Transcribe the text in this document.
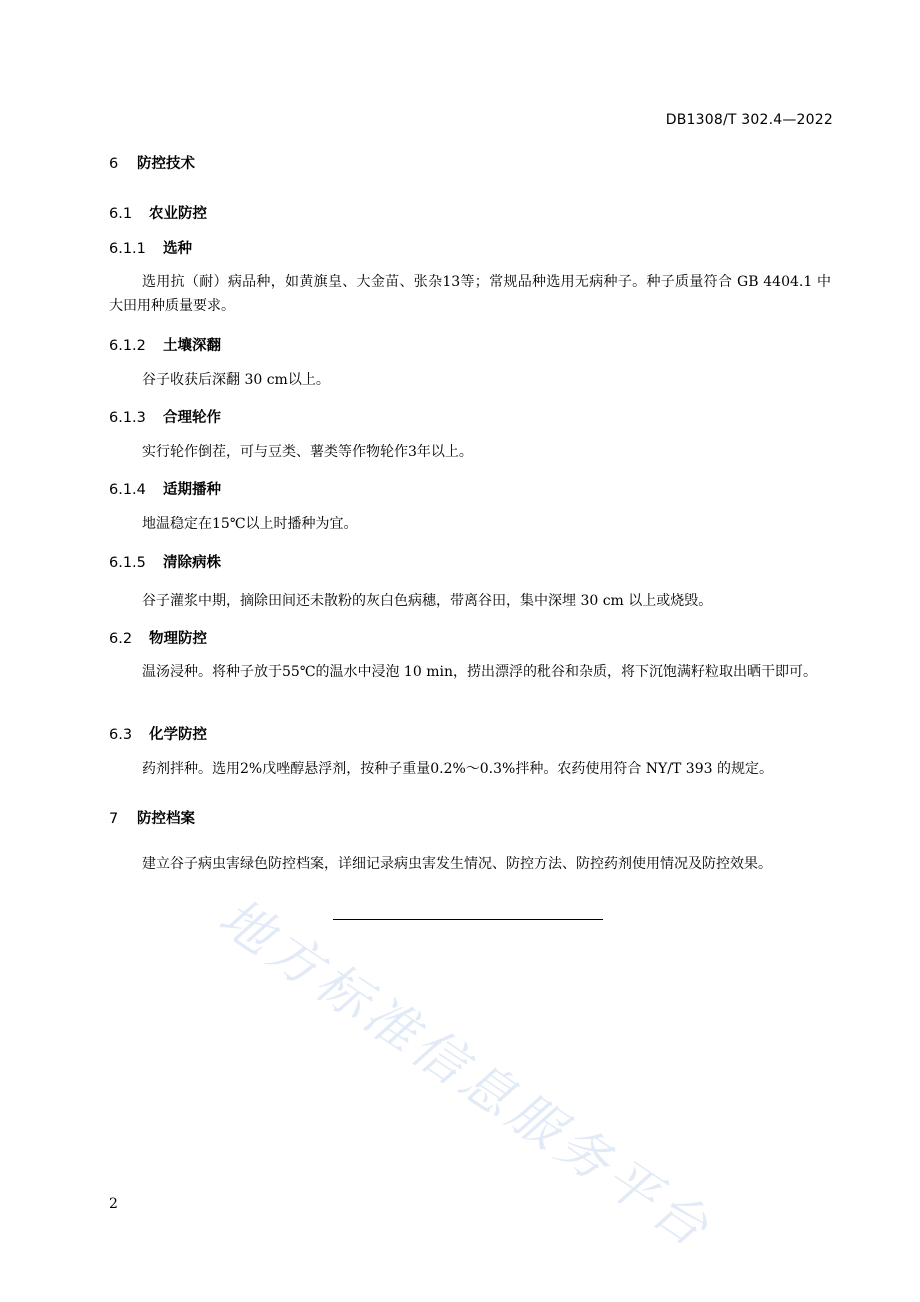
DB1308/T 302.4—2022
6 防控技术
6.1 农业防控
6.1.1 选种
选用抗（耐）病品种，如黄旗皇、大金苗、张杂13等；常规品种选用无病种子。种子质量符合 GB 4404.1 中大田用种质量要求。
6.1.2 土壤深翻
谷子收获后深翻 30 cm以上。
6.1.3 合理轮作
实行轮作倒茬，可与豆类、薯类等作物轮作3年以上。
6.1.4 适期播种
地温稳定在15℃以上时播种为宜。
6.1.5 清除病株
谷子灌浆中期，摘除田间还未散粉的灰白色病穗，带离谷田，集中深埋 30 cm 以上或烧毁。
6.2 物理防控
温汤浸种。将种子放于55℃的温水中浸泡 10 min，捞出漂浮的秕谷和杂质，将下沉饱满籽粒取出晒干即可。
6.3 化学防控
药剂拌种。选用2%戊唑醇悬浮剂，按种子重量0.2%～0.3%拌种。农药使用符合 NY/T 393 的规定。
7 防控档案
建立谷子病虫害绿色防控档案，详细记录病虫害发生情况、防控方法、防控药剂使用情况及防控效果。
地方标准信息服务平台
2
